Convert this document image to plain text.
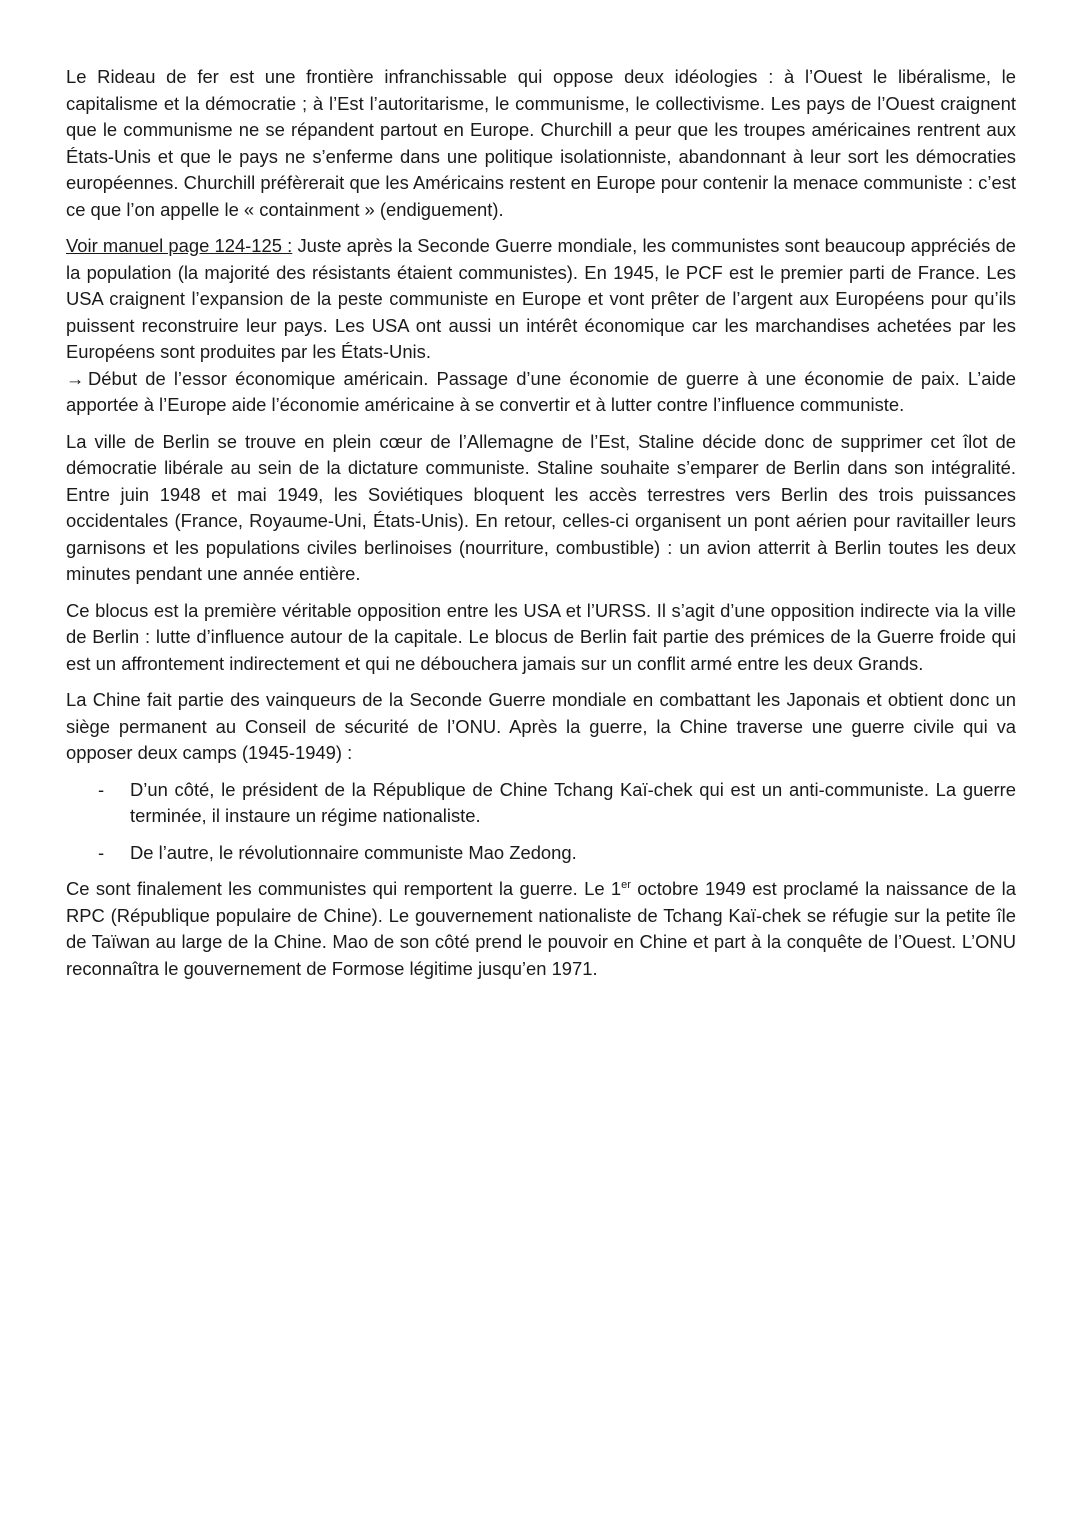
Le Rideau de fer est une frontière infranchissable qui oppose deux idéologies : à l’Ouest le libéralisme, le capitalisme et la démocratie ; à l’Est l’autoritarisme, le communisme, le collectivisme. Les pays de l’Ouest craignent que le communisme ne se répandent partout en Europe. Churchill a peur que les troupes américaines rentrent aux États-Unis et que le pays ne s’enferme dans une politique isolationniste, abandonnant à leur sort les démocraties européennes. Churchill préfèrerait que les Américains restent en Europe pour contenir la menace communiste : c’est ce que l’on appelle le « containment » (endiguement).

Voir manuel page 124-125 : Juste après la Seconde Guerre mondiale, les communistes sont beaucoup appréciés de la population (la majorité des résistants étaient communistes). En 1945, le PCF est le premier parti de France. Les USA craignent l’expansion de la peste communiste en Europe et vont prêter de l’argent aux Européens pour qu’ils puissent reconstruire leur pays. Les USA ont aussi un intérêt économique car les marchandises achetées par les Européens sont produites par les États-Unis.

→ Début de l’essor économique américain. Passage d’une économie de guerre à une économie de paix. L’aide apportée à l’Europe aide l’économie américaine à se convertir et à lutter contre l’influence communiste.

La ville de Berlin se trouve en plein cœur de l’Allemagne de l’Est, Staline décide donc de supprimer cet îlot de démocratie libérale au sein de la dictature communiste. Staline souhaite s’emparer de Berlin dans son intégralité. Entre juin 1948 et mai 1949, les Soviétiques bloquent les accès terrestres vers Berlin des trois puissances occidentales (France, Royaume-Uni, États-Unis). En retour, celles-ci organisent un pont aérien pour ravitailler leurs garnisons et les populations civiles berlinoises (nourriture, combustible) : un avion atterrit à Berlin toutes les deux minutes pendant une année entière.

Ce blocus est la première véritable opposition entre les USA et l’URSS. Il s’agit d’une opposition indirecte via la ville de Berlin : lutte d’influence autour de la capitale. Le blocus de Berlin fait partie des prémices de la Guerre froide qui est un affrontement indirectement et qui ne débouchera jamais sur un conflit armé entre les deux Grands.

La Chine fait partie des vainqueurs de la Seconde Guerre mondiale en combattant les Japonais et obtient donc un siège permanent au Conseil de sécurité de l’ONU. Après la guerre, la Chine traverse une guerre civile qui va opposer deux camps (1945-1949) :

- D’un côté, le président de la République de Chine Tchang Kaï-chek qui est un anti-communiste. La guerre terminée, il instaure un régime nationaliste.
- De l’autre, le révolutionnaire communiste Mao Zedong.

Ce sont finalement les communistes qui remportent la guerre. Le 1er octobre 1949 est proclamé la naissance de la RPC (République populaire de Chine). Le gouvernement nationaliste de Tchang Kaï-chek se réfugie sur la petite île de Taïwan au large de la Chine. Mao de son côté prend le pouvoir en Chine et part à la conquête de l’Ouest. L’ONU reconnaîtra le gouvernement de Formose légitime jusqu’en 1971.
